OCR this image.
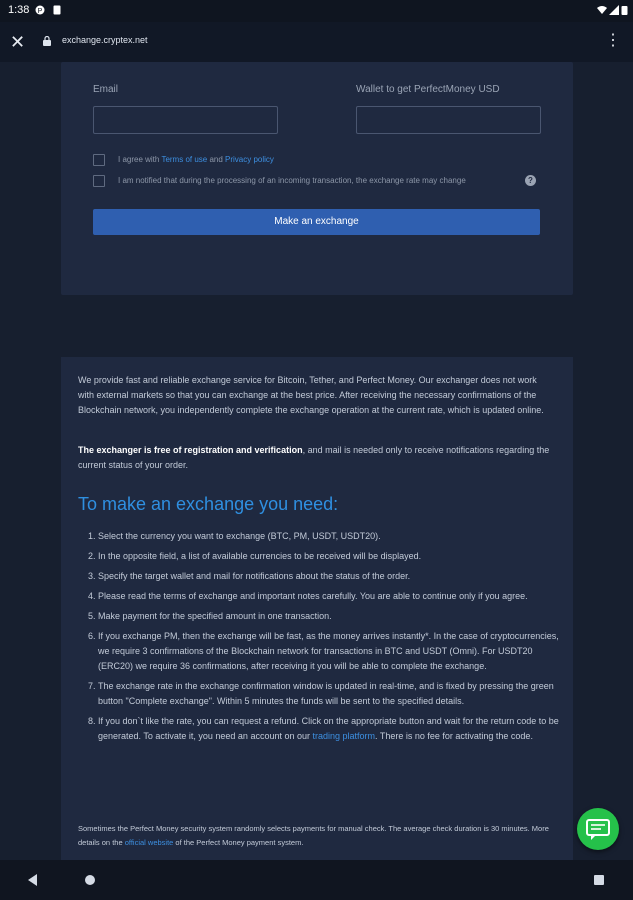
1:38 P
✕	exchange.cryptex.net	⋮
Email	Wallet to get PerfectMoney USD
I agree with Terms of use and Privacy policy
I am notified that during the processing of an incoming transaction, the exchange rate may change	?
Make an exchange

We provide fast and reliable exchange service for Bitcoin, Tether, and Perfect Money. Our exchanger does not work with external markets so that you can exchange at the best price. After receiving the necessary confirmations of the Blockchain network, you independently complete the exchange operation at the current rate, which is updated online.

The exchanger is free of registration and verification, and mail is needed only to receive notifications regarding the current status of your order.

To make an exchange you need:
1. Select the currency you want to exchange (BTC, PM, USDT, USDT20).
2. In the opposite field, a list of available currencies to be received will be displayed.
3. Specify the target wallet and mail for notifications about the status of the order.
4. Please read the terms of exchange and important notes carefully. You are able to continue only if you agree.
5. Make payment for the specified amount in one transaction.
6. If you exchange PM, then the exchange will be fast, as the money arrives instantly*. In the case of cryptocurrencies, we require 3 confirmations of the Blockchain network for transactions in BTC and USDT (Omni). For USDT20 (ERC20) we require 36 confirmations, after receiving it you will be able to complete the exchange.
7. The exchange rate in the exchange confirmation window is updated in real-time, and is fixed by pressing the green button "Complete exchange". Within 5 minutes the funds will be sent to the specified details.
8. If you don`t like the rate, you can request a refund. Click on the appropriate button and wait for the return code to be generated. To activate it, you need an account on our trading platform. There is no fee for activating the code.

Sometimes the Perfect Money security system randomly selects payments for manual check. The average check duration is 30 minutes. More details on the official website of the Perfect Money payment system.
